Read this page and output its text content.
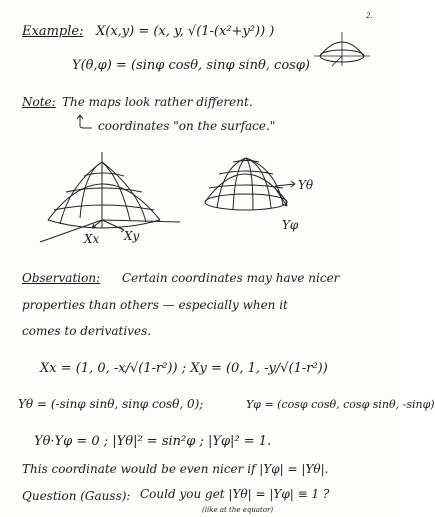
2.
Example: X(x,y) = (x, y, √(1-(x²+y²)) )
Y(θ,φ) = (sinφ cosθ, sinφ sinθ, cosφ)
Note: The maps look rather different.
coordinates "on the surface."
Xx Xy
Yθ
Yφ
Observation: Certain coordinates may have nicer
properties than others — especially when it
comes to derivatives.
Xx = (1, 0, -x/√(1-r²)) ; Xy = (0, 1, -y/√(1-r²))
Yθ = (-sinφ sinθ, sinφ cosθ, 0);	Yφ = (cosφ cosθ, cosφ sinθ, -sinφ)
Yθ·Yφ = 0 ; |Yθ|² = sin²φ ; |Yφ|² = 1.
This coordinate would be even nicer if |Yφ| = |Yθ|.
Question (Gauss): Could you get |Yθ| = |Yφ| ≡ 1 ?
(like at the equator)
